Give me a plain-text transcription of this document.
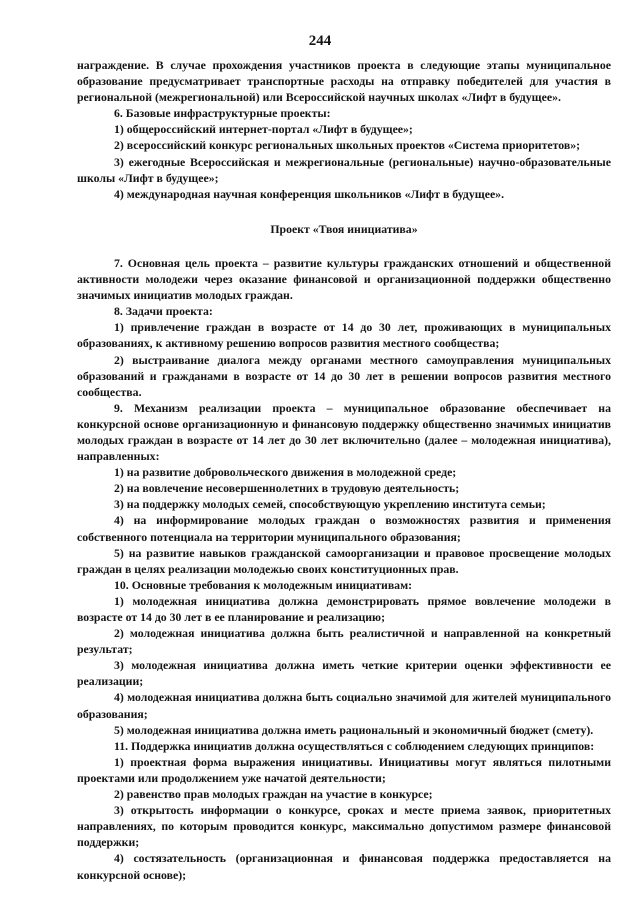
244

награждение. В случае прохождения участников проекта в следующие этапы муниципальное образование предусматривает транспортные расходы на отправку победителей для участия в региональной (межрегиональной) или Всероссийской научных школах «Лифт в будущее».

6. Базовые инфраструктурные проекты:

1) общероссийский интернет-портал «Лифт в будущее»;

2) всероссийский конкурс региональных школьных проектов «Система приоритетов»;

3) ежегодные Всероссийская и межрегиональные (региональные) научно-образовательные школы «Лифт в будущее»;

4) международная научная конференция школьников «Лифт в будущее».

Проект «Твоя инициатива»

7. Основная цель проекта – развитие культуры гражданских отношений и общественной активности молодежи через оказание финансовой и организационной поддержки общественно значимых инициатив молодых граждан.

8. Задачи проекта:

1) привлечение граждан в возрасте от 14 до 30 лет, проживающих в муниципальных образованиях, к активному решению вопросов развития местного сообщества;

2) выстраивание диалога между органами местного самоуправления муниципальных образований и гражданами в возрасте от 14 до 30 лет в решении вопросов развития местного сообщества.

9. Механизм реализации проекта – муниципальное образование обеспечивает на конкурсной основе организационную и финансовую поддержку общественно значимых инициатив молодых граждан в возрасте от 14 лет до 30 лет включительно (далее – молодежная инициатива), направленных:

1) на развитие добровольческого движения в молодежной среде;

2) на вовлечение несовершеннолетних в трудовую деятельность;

3) на поддержку молодых семей, способствующую укреплению института семьи;

4) на информирование молодых граждан о возможностях развития и применения собственного потенциала на территории муниципального образования;

5) на развитие навыков гражданской самоорганизации и правовое просвещение молодых граждан в целях реализации молодежью своих конституционных прав.

10. Основные требования к молодежным инициативам:

1) молодежная инициатива должна демонстрировать прямое вовлечение молодежи в возрасте от 14 до 30 лет в ее планирование и реализацию;

2) молодежная инициатива должна быть реалистичной и направленной на конкретный результат;

3) молодежная инициатива должна иметь четкие критерии оценки эффективности ее реализации;

4) молодежная инициатива должна быть социально значимой для жителей муниципального образования;

5) молодежная инициатива должна иметь рациональный и экономичный бюджет (смету).

11. Поддержка инициатив должна осуществляться с соблюдением следующих принципов:

1) проектная форма выражения инициативы. Инициативы могут являться пилотными проектами или продолжением уже начатой деятельности;

2) равенство прав молодых граждан на участие в конкурсе;

3) открытость информации о конкурсе, сроках и месте приема заявок, приоритетных направлениях, по которым проводится конкурс, максимально допустимом размере финансовой поддержки;

4) состязательность (организационная и финансовая поддержка предоставляется на конкурсной основе);
